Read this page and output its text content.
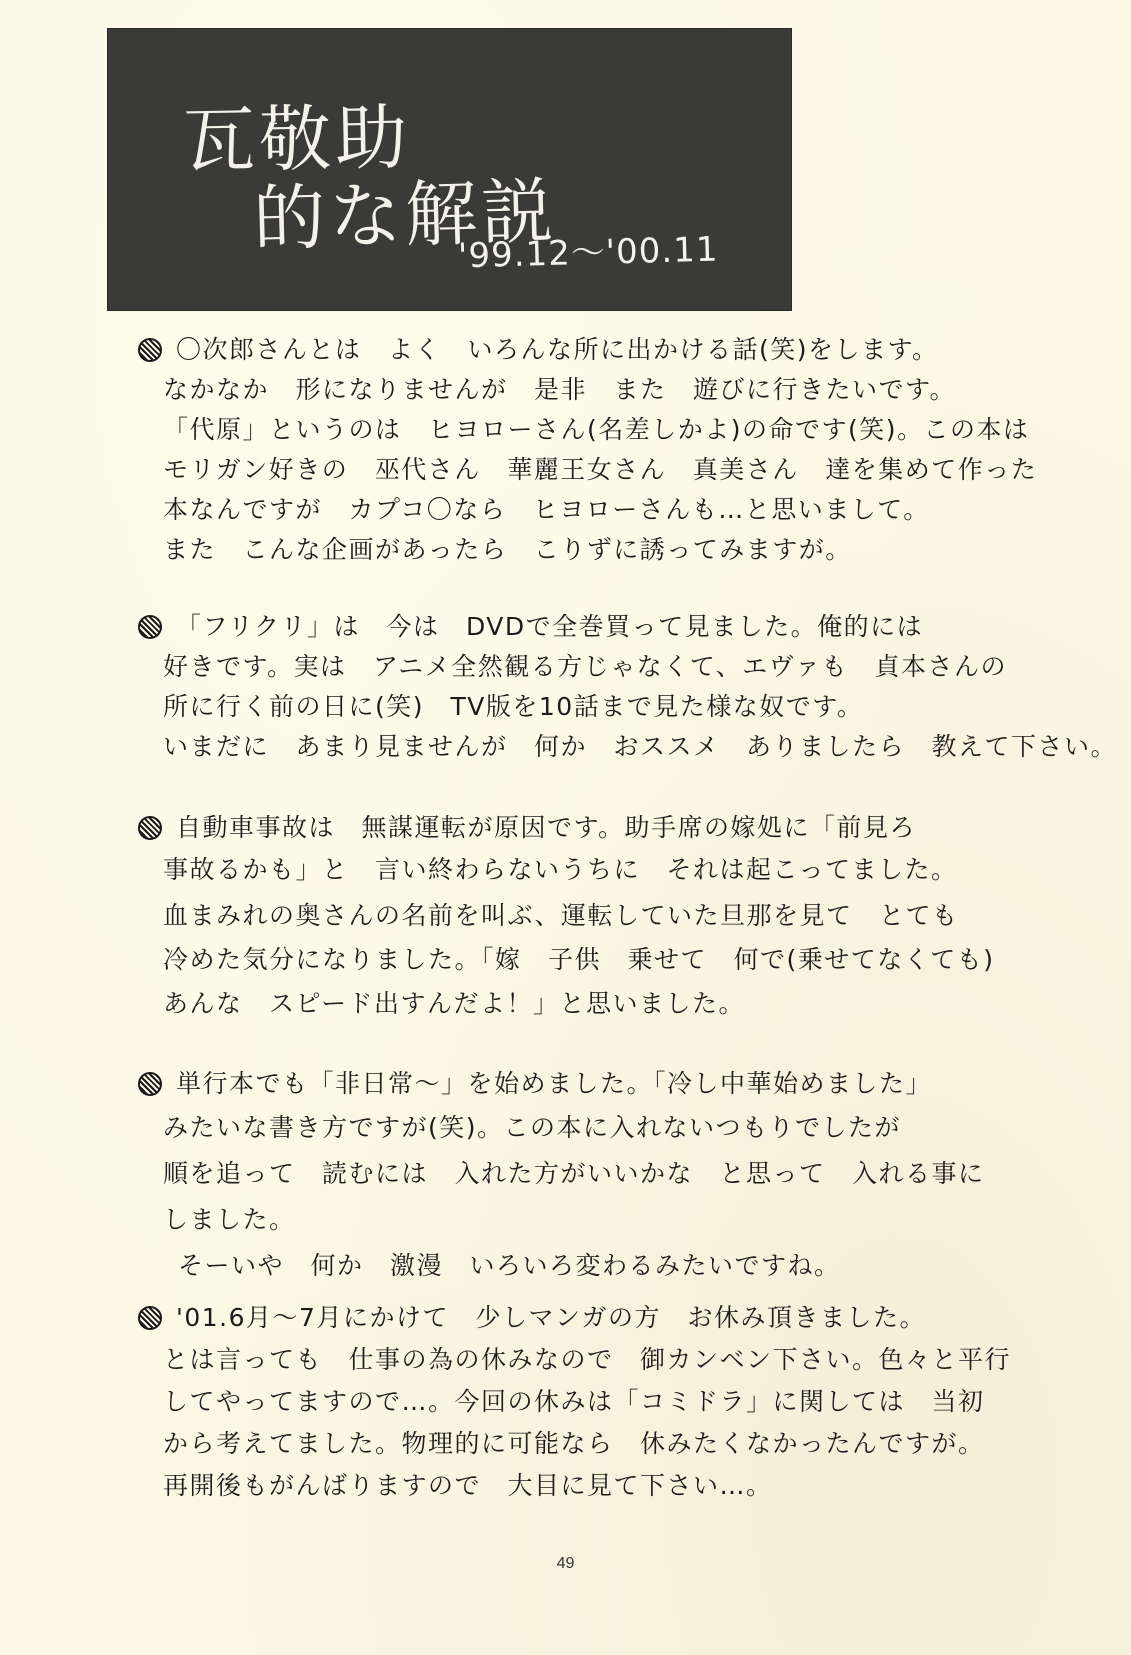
瓦敬助
的な解説
'99.12～'00.11
〇次郎さんとは　よく　いろんな所に出かける話(笑)をします。
なかなか　形になりませんが　是非　また　遊びに行きたいです。
「代原」というのは　ヒヨローさん(名差しかよ)の命です(笑)。この本は
モリガン好きの　巫代さん　華麗王女さん　真美さん　達を集めて作った
本なんですが　カプコ〇なら　ヒヨローさんも…と思いまして。
また　こんな企画があったら　こりずに誘ってみますが。
「フリクリ」は　今は　DVDで全巻買って見ました。俺的には
好きです。実は　アニメ全然観る方じゃなくて、エヴァも　貞本さんの
所に行く前の日に(笑)　TV版を10話まで見た様な奴です。
いまだに　あまり見ませんが　何か　おススメ　ありましたら　教えて下さい。
自動車事故は　無謀運転が原因です。助手席の嫁処に「前見ろ
事故るかも」と　言い終わらないうちに　それは起こってました。
血まみれの奥さんの名前を叫ぶ、運転していた旦那を見て　とても
冷めた気分になりました。「嫁　子供　乗せて　何で(乗せてなくても)
あんな　スピード出すんだよ！」と思いました。
単行本でも「非日常～」を始めました。「冷し中華始めました」
みたいな書き方ですが(笑)。この本に入れないつもりでしたが
順を追って　読むには　入れた方がいいかな　と思って　入れる事に
しました。
そーいや　何か　激漫　いろいろ変わるみたいですね。
'01.6月～7月にかけて　少しマンガの方　お休み頂きました。
とは言っても　仕事の為の休みなので　御カンベン下さい。色々と平行
してやってますので…。今回の休みは「コミドラ」に関しては　当初
から考えてました。物理的に可能なら　休みたくなかったんですが。
再開後もがんばりますので　大目に見て下さい…。
49
